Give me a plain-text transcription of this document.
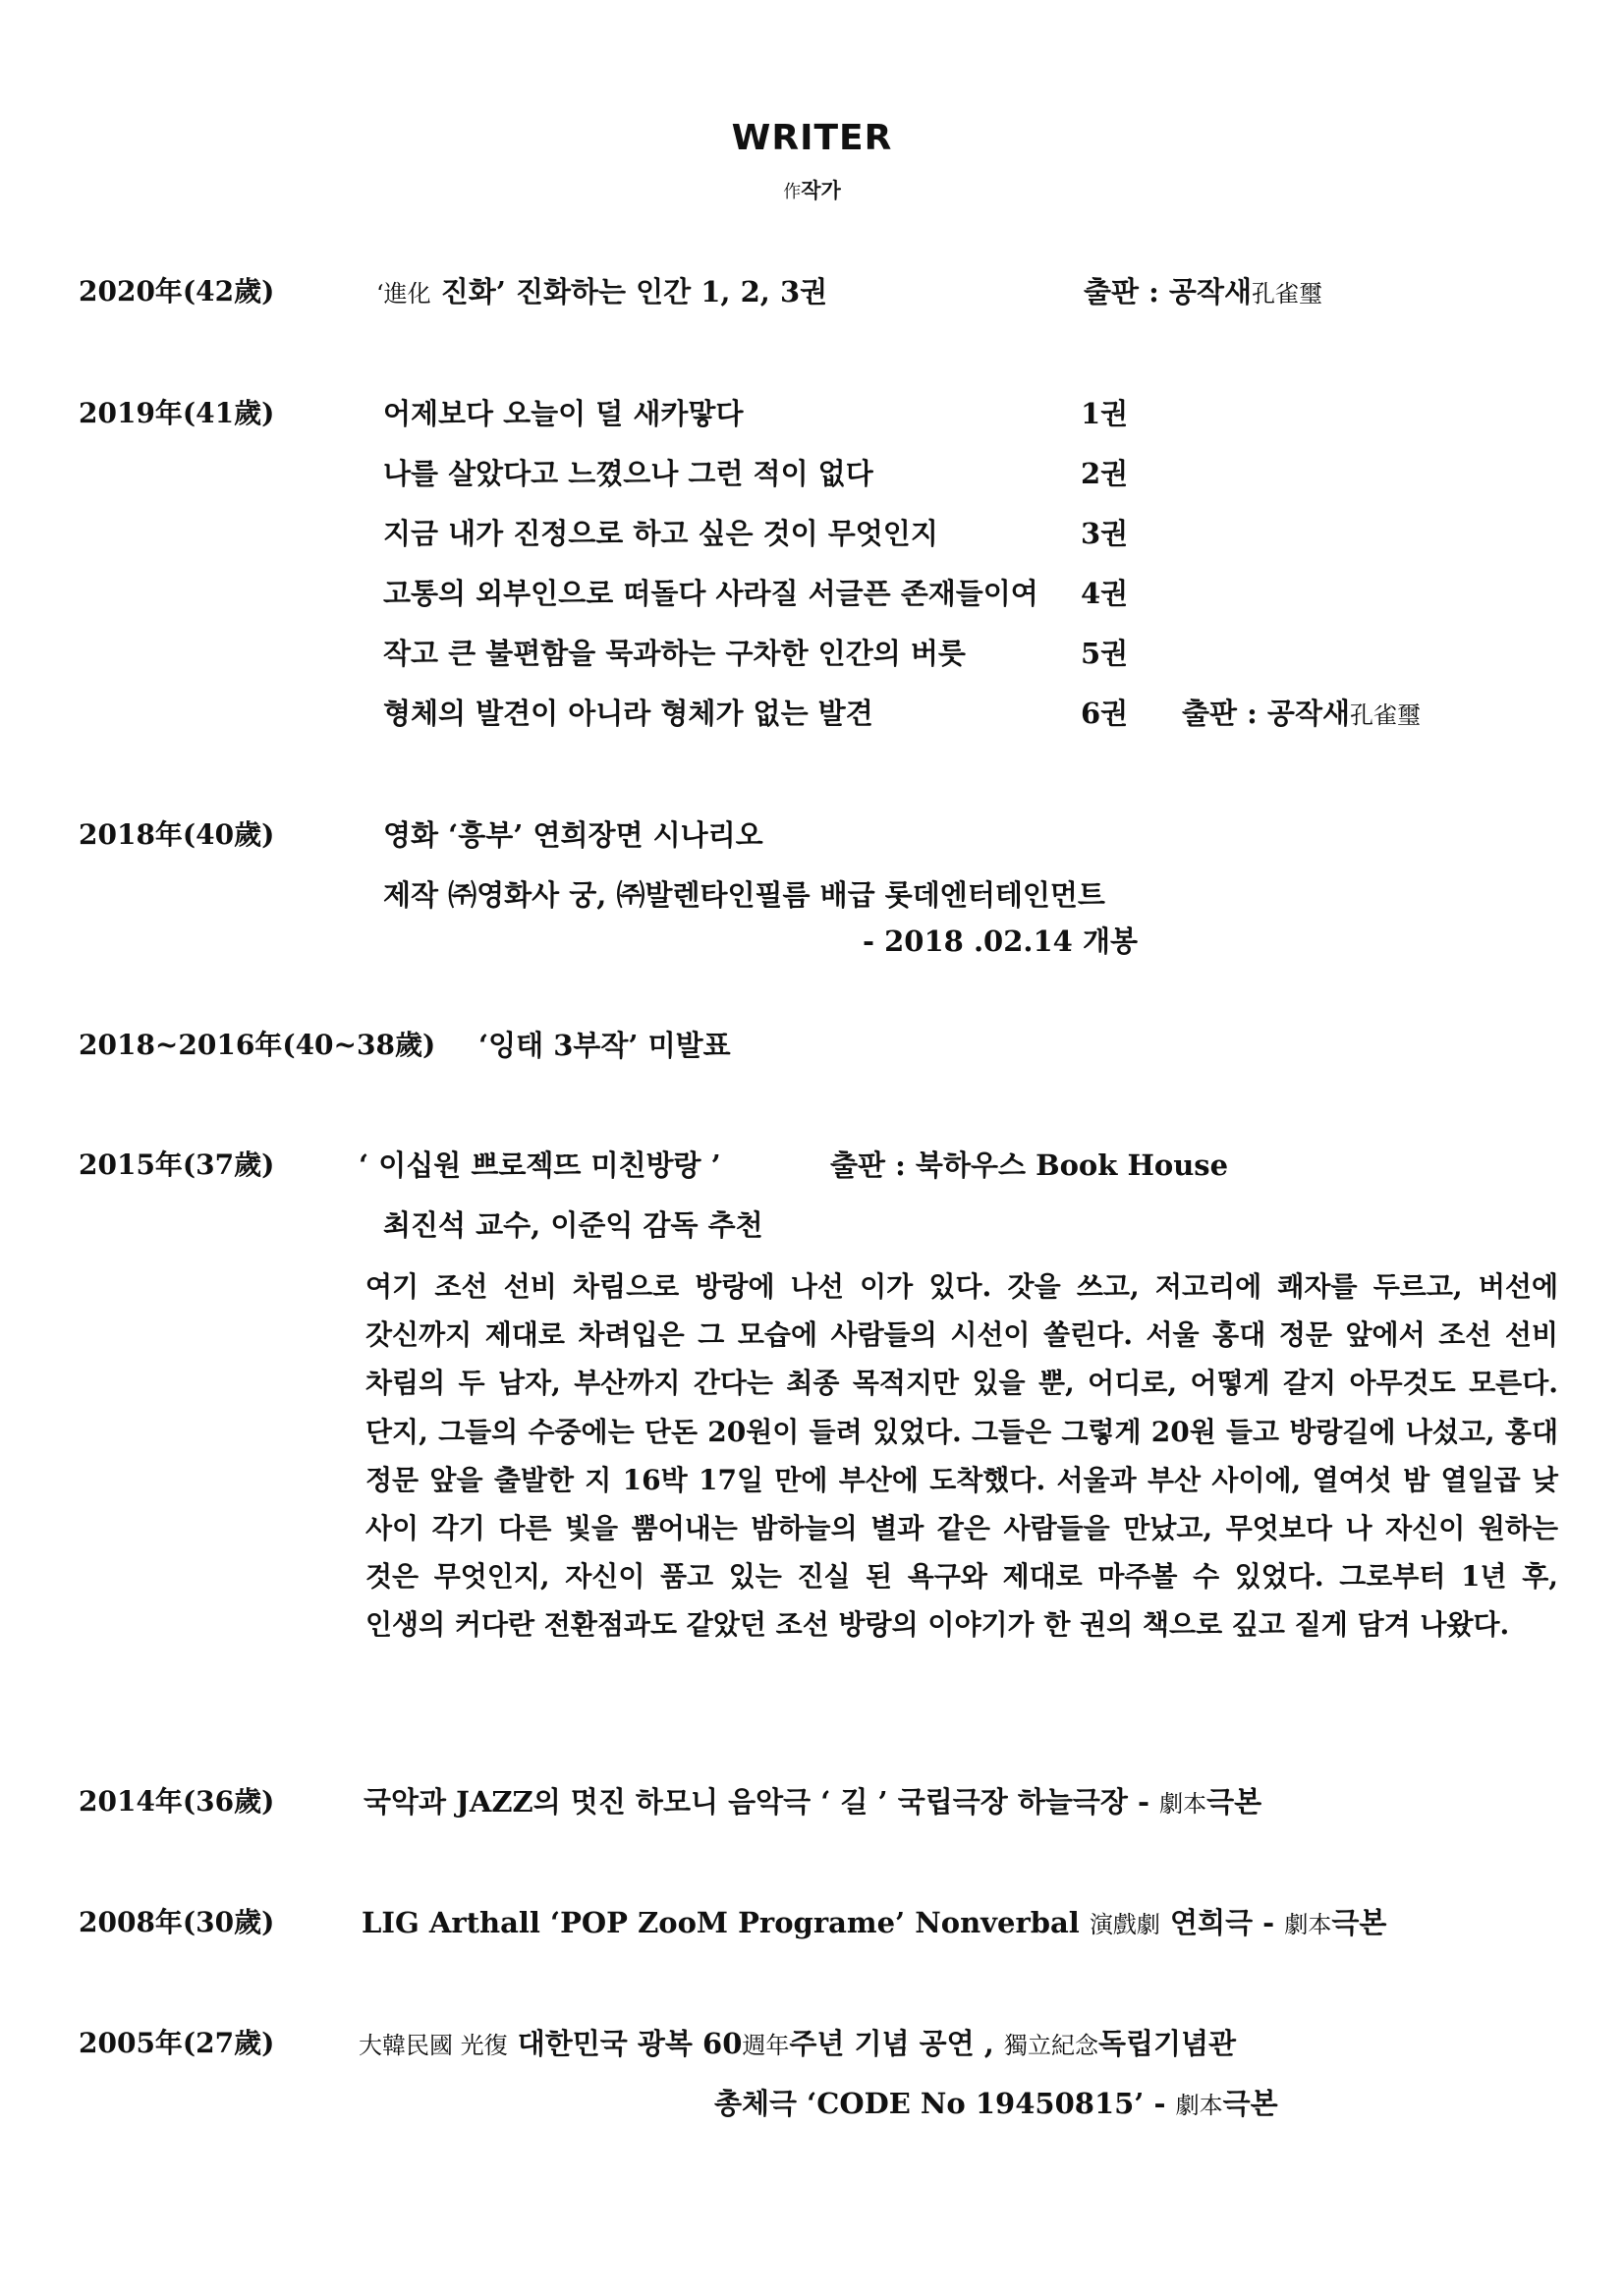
WRITER
作작가
2020年(42歲)	‘進化 진화’ 진화하는 인간 1, 2, 3권	출판 : 공작새孔雀璽
2019年(41歲)	어제보다 오늘이 덜 새카맣다	1권
나를 살았다고 느꼈으나 그런 적이 없다	2권
지금 내가 진정으로 하고 싶은 것이 무엇인지	3권
고통의 외부인으로 떠돌다 사라질 서글픈 존재들이여 4권
작고 큰 불편함을 묵과하는 구차한 인간의 버릇	5권
형체의 발견이 아니라 형체가 없는 발견	6권 출판 : 공작새孔雀璽
2018年(40歲)	영화 ‘흥부’ 연희장면 시나리오
제작 ㈜영화사 궁, ㈜발렌타인필름 배급 롯데엔터테인먼트
- 2018 .02.14 개봉
2018~2016年(40~38歲) ‘잉태 3부작’ 미발표
2015年(37歲)	‘ 이십원 쁘로젝뜨 미친방랑 ’	출판 : 북하우스 Book House
최진석 교수, 이준익 감독 추천
여기 조선 선비 차림으로 방랑에 나선 이가 있다. 갓을 쓰고, 저고리에 쾌자를 두르고, 버선에 갓신까지 제대로 차려입은 그 모습에 사람들의 시선이 쏠린다. 서울 홍대 정문 앞에서 조선 선비 차림의 두 남자, 부산까지 간다는 최종 목적지만 있을 뿐, 어디로, 어떻게 갈지 아무것도 모른다. 단지, 그들의 수중에는 단돈 20원이 들려 있었다. 그들은 그렇게 20원 들고 방랑길에 나섰고, 홍대 정문 앞을 출발한 지 16박 17일 만에 부산에 도착했다. 서울과 부산 사이에, 열여섯 밤 열일곱 낮 사이 각기 다른 빛을 뿜어내는 밤하늘의 별과 같은 사람들을 만났고, 무엇보다 나 자신이 원하는 것은 무엇인지, 자신이 품고 있는 진실 된 욕구와 제대로 마주볼 수 있었다. 그로부터 1년 후, 인생의 커다란 전환점과도 같았던 조선 방랑의 이야기가 한 권의 책으로 깊고 짙게 담겨 나왔다.
2014年(36歲)	국악과 JAZZ의 멋진 하모니 음악극 ‘ 길 ’ 국립극장 하늘극장 - 劇本극본
2008年(30歲)	LIG Arthall ‘POP ZooM Programe’ Nonverbal 演戲劇 연희극 - 劇本극본
2005年(27歲)	大韓民國 光復 대한민국 광복 60週年주년 기념 공연 , 獨立紀念독립기념관
총체극 ‘CODE No 19450815’ - 劇本극본
